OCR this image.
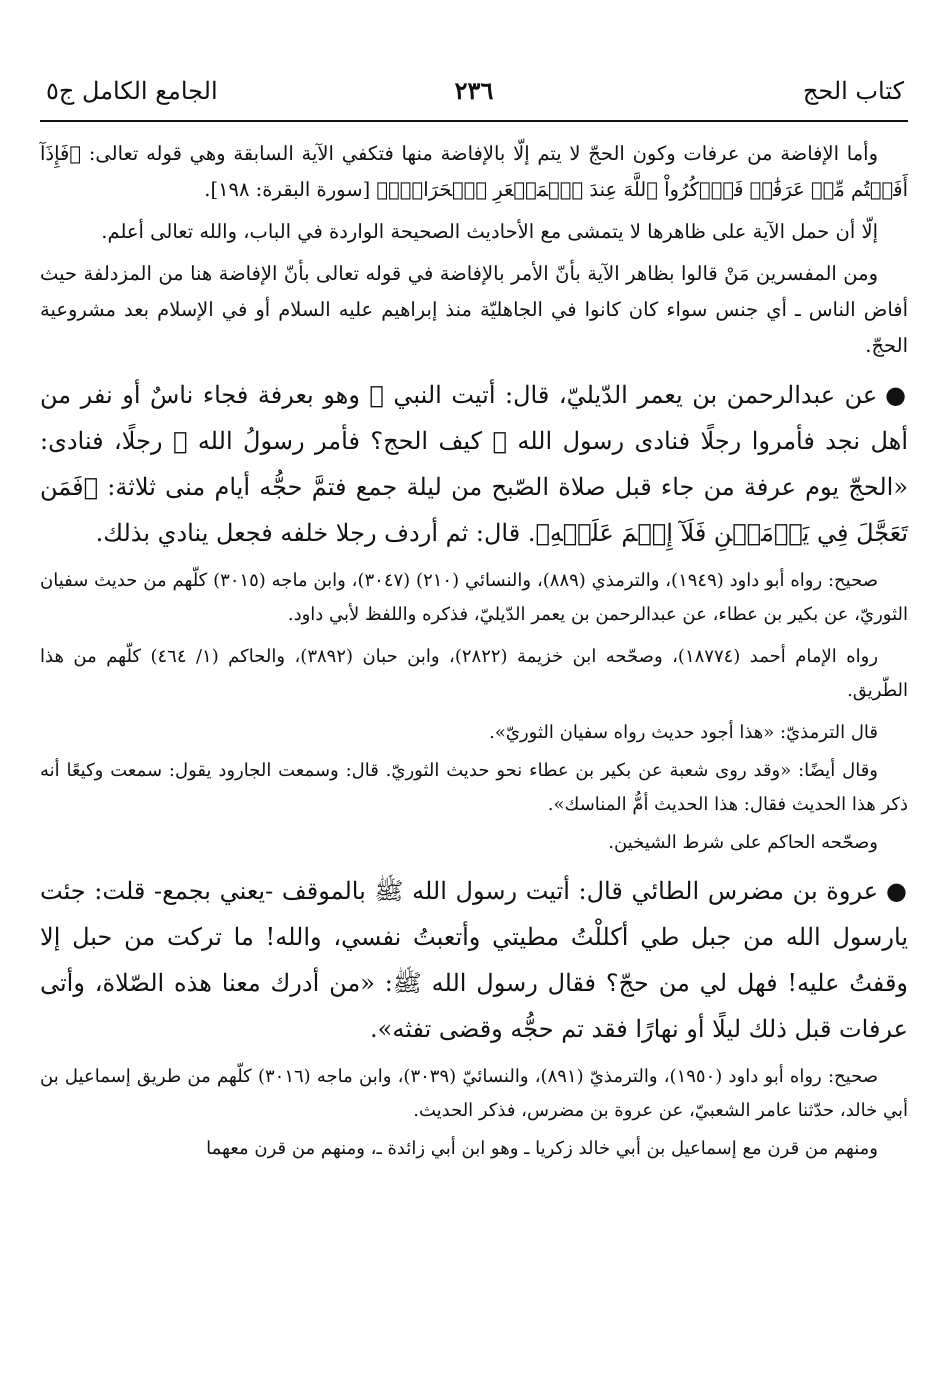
كتاب الحج
٢٣٦
الجامع الكامل ج٥

وأما الإفاضة من عرفات وكون الحجّ لا يتم إلّا بالإفاضة منها فتكفي الآية السابقة وهي قوله تعالى: ﴿فَإِذَآ أَفَضۡتُم مِّنۡ عَرَفَٰتٖ فَٱذۡكُرُواْ ٱللَّهَ عِندَ ٱلۡمَشۡعَرِ ٱلۡحَرَامِۖ﴾ [سورة البقرة: ١٩٨].

إلّا أن حمل الآية على ظاهرها لا يتمشى مع الأحاديث الصحيحة الواردة في الباب، والله تعالى أعلم.

ومن المفسرين مَنْ قالوا بظاهر الآية بأنّ الأمر بالإفاضة في قوله تعالى بأنّ الإفاضة هنا من المزدلفة حيث أفاض الناس ـ أي جنس سواء كان كانوا في الجاهليّة منذ إبراهيم عليه السلام أو في الإسلام بعد مشروعية الحجّ.

●عن عبدالرحمن بن يعمر الدّيليّ، قال: أتيت النبي ﷺ وهو بعرفة فجاء ناسٌ أو نفر من أهل نجد فأمروا رجلًا فنادى رسول الله ﷺ كيف الحج؟ فأمر رسولُ الله ﷺ رجلًا، فنادى: «الحجّ يوم عرفة من جاء قبل صلاة الصّبح من ليلة جمع فتمَّ حجُّه أيام منى ثلاثة: ﴿فَمَن تَعَجَّلَ فِي يَوۡمَيۡنِ فَلَآ إِثۡمَ عَلَيۡهِ﴾. قال: ثم أردف رجلا خلفه فجعل ينادي بذلك.

صحيح: رواه أبو داود (١٩٤٩)، والترمذي (٨٨٩)، والنسائي (٢١٠) (٣٠٤٧)، وابن ماجه (٣٠١٥) كلّهم من حديث سفيان الثوريّ، عن بكير بن عطاء، عن عبدالرحمن بن يعمر الدّيليّ، فذكره واللفظ لأبي داود.

رواه الإمام أحمد (١٨٧٧٤)، وصحّحه ابن خزيمة (٢٨٢٢)، وابن حبان (٣٨٩٢)، والحاكم (١/ ٤٦٤) كلّهم من هذا الطّريق.

قال الترمذيّ: «هذا أجود حديث رواه سفيان الثوريّ».

وقال أيضًا: «وقد روى شعبة عن بكير بن عطاء نحو حديث الثوريّ. قال: وسمعت الجارود يقول: سمعت وكيعًا أنه ذكر هذا الحديث فقال: هذا الحديث أمُّ المناسك».

وصحّحه الحاكم على شرط الشيخين.

●عروة بن مضرس الطائي قال: أتيت رسول الله ﷺ بالموقف -يعني بجمع- قلت: جئت يارسول الله من جبل طي أكللْتُ مطيتي وأتعبتُ نفسي، والله! ما تركت من حبل إلا وقفتُ عليه! فهل لي من حجّ؟ فقال رسول الله ﷺ: «من أدرك معنا هذه الصّلاة، وأتى عرفات قبل ذلك ليلًا أو نهارًا فقد تم حجُّه وقضى تفثه».

صحيح: رواه أبو داود (١٩٥٠)، والترمذيّ (٨٩١)، والنسائيّ (٣٠٣٩)، وابن ماجه (٣٠١٦) كلّهم من طريق إسماعيل بن أبي خالد، حدّثنا عامر الشعبيّ، عن عروة بن مضرس، فذكر الحديث.

ومنهم من قرن مع إسماعيل بن أبي خالد زكريا ـ وهو ابن أبي زائدة ـ، ومنهم من قرن معهما
